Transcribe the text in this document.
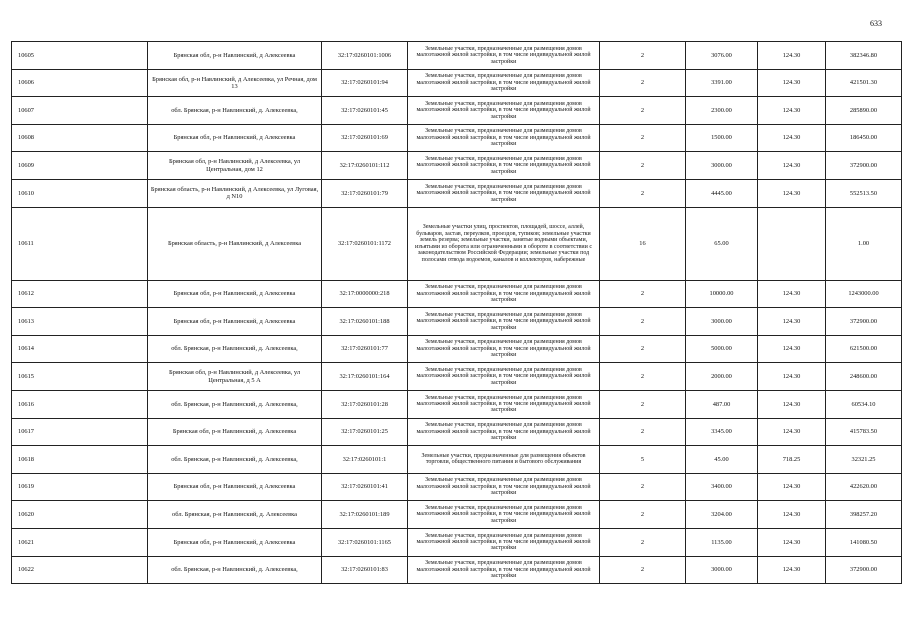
633
10605	Брянская обл, р-н Навлинский, д Алексеевка	32:17:0260101:1006	Земельные участки, предназначенные для размещения домов малоэтажной жилой застройки, в том числе индивидуальной жилой застройки	2	3076.00	124.30	382346.80
10606	Брянская обл, р-н Навлинский, д Алексеевка, ул Речная, дом 13	32:17:0260101:94	Земельные участки, предназначенные для размещения домов малоэтажной жилой застройки, в том числе индивидуальной жилой застройки	2	3391.00	124.30	421501.30
10607	обл. Брянская, р-н Навлинский, д. Алексеевка,	32:17:0260101:45	Земельные участки, предназначенные для размещения домов малоэтажной жилой застройки, в том числе индивидуальной жилой застройки	2	2300.00	124.30	285890.00
10608	Брянская обл, р-н Навлинский, д Алексеевка	32:17:0260101:69	Земельные участки, предназначенные для размещения домов малоэтажной жилой застройки, в том числе индивидуальной жилой застройки	2	1500.00	124.30	186450.00
10609	Брянская обл, р-н Навлинский, д Алексеевка, ул Центральная, дом 12	32:17:0260101:112	Земельные участки, предназначенные для размещения домов малоэтажной жилой застройки, в том числе индивидуальной жилой застройки	2	3000.00	124.30	372900.00
10610	Брянская область, р-н Навлинский, д Алексеевка, ул Луговая, д N10	32:17:0260101:79	Земельные участки, предназначенные для размещения домов малоэтажной жилой застройки, в том числе индивидуальной жилой застройки	2	4445.00	124.30	552513.50
10611	Брянская область, р-н Навлинский, д Алексеевка	32:17:0260101:1172	Земельные участки улиц, проспектов, площадей, шоссе, аллей, бульваров, застав, переулков, проездов, тупиков; земельные участки земель резерва; земельные участки, занятые водными объектами, изъятыми из оборота или ограниченными в обороте в соответствии с законодательством Российской Федерации; земельные участки под полосами отвода водоемов, каналов и коллекторов, набережные	16	65.00		1.00
10612	Брянская обл, р-н Навлинский, д Алексеевка	32:17:0000000:218	Земельные участки, предназначенные для размещения домов малоэтажной жилой застройки, в том числе индивидуальной жилой застройки	2	10000.00	124.30	1243000.00
10613	Брянская обл, р-н Навлинский, д Алексеевка	32:17:0260101:188	Земельные участки, предназначенные для размещения домов малоэтажной жилой застройки, в том числе индивидуальной жилой застройки	2	3000.00	124.30	372900.00
10614	обл. Брянская, р-н Навлинский, д. Алексеевка,	32:17:0260101:77	Земельные участки, предназначенные для размещения домов малоэтажной жилой застройки, в том числе индивидуальной жилой застройки	2	5000.00	124.30	621500.00
10615	Брянская обл, р-н Навлинский, д Алексеевка, ул Центральная, д 5 А	32:17:0260101:164	Земельные участки, предназначенные для размещения домов малоэтажной жилой застройки, в том числе индивидуальной жилой застройки	2	2000.00	124.30	248600.00
10616	обл. Брянская, р-н Навлинский, д. Алексеевка,	32:17:0260101:28	Земельные участки, предназначенные для размещения домов малоэтажной жилой застройки, в том числе индивидуальной жилой застройки	2	487.00	124.30	60534.10
10617	Брянская обл, р-н Навлинский, д. Алексеевка	32:17:0260101:25	Земельные участки, предназначенные для размещения домов малоэтажной жилой застройки, в том числе индивидуальной жилой застройки	2	3345.00	124.30	415783.50
10618	обл. Брянская, р-н Навлинский, д. Алексеевка,	32:17:0260101:1	Земельные участки, предназначенные для размещения объектов торговли, общественного питания и бытового обслуживания	5	45.00	718.25	32321.25
10619	Брянская обл, р-н Навлинский, д Алексеевка	32:17:0260101:41	Земельные участки, предназначенные для размещения домов малоэтажной жилой застройки, в том числе индивидуальной жилой застройки	2	3400.00	124.30	422620.00
10620	обл. Брянская, р-н Навлинский, д. Алексеевка	32:17:0260101:189	Земельные участки, предназначенные для размещения домов малоэтажной жилой застройки, в том числе индивидуальной жилой застройки	2	3204.00	124.30	398257.20
10621	Брянская обл, р-н Навлинский, д Алексеевка	32:17:0260101:1165	Земельные участки, предназначенные для размещения домов малоэтажной жилой застройки, в том числе индивидуальной жилой застройки	2	1135.00	124.30	141080.50
10622	обл. Брянская, р-н Навлинский, д. Алексеевка,	32:17:0260101:83	Земельные участки, предназначенные для размещения домов малоэтажной жилой застройки, в том числе индивидуальной жилой застройки	2	3000.00	124.30	372900.00
